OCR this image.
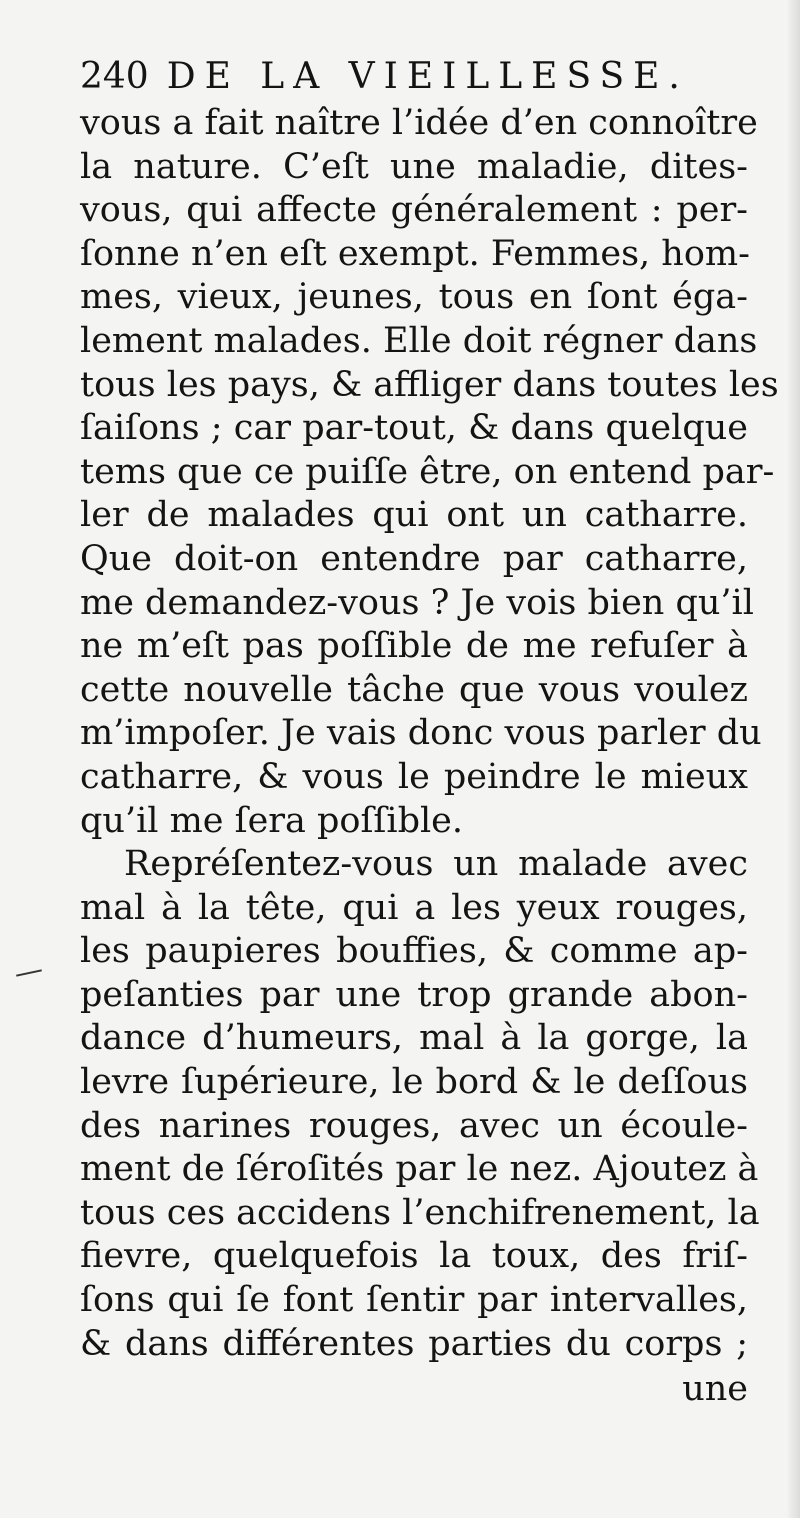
240 DE LA VIEILLESSE.
vous a fait naître l’idée d’en connoître
la nature. C’eſt une maladie, dites-
vous, qui affecte généralement : per-
ſonne n’en eſt exempt. Femmes, hom-
mes, vieux, jeunes, tous en ſont éga-
lement malades. Elle doit régner dans
tous les pays, & affliger dans toutes les
ſaiſons ; car par-tout, & dans quelque
tems que ce puiſſe être, on entend par-
ler de malades qui ont un catharre.
Que doit-on entendre par catharre,
me demandez-vous ? Je vois bien qu’il
ne m’eſt pas poſſible de me refuſer à
cette nouvelle tâche que vous voulez
m’impoſer. Je vais donc vous parler du
catharre, & vous le peindre le mieux
qu’il me ſera poſſible.
Repréſentez-vous un malade avec
mal à la tête, qui a les yeux rouges,
les paupieres bouffies, & comme ap-
peſanties par une trop grande abon-
dance d’humeurs, mal à la gorge, la
levre ſupérieure, le bord & le deſſous
des narines rouges, avec un écoule-
ment de ſéroſités par le nez. Ajoutez à
tous ces accidens l’enchifrenement, la
fievre, quelquefois la toux, des friſ-
ſons qui ſe font ſentir par intervalles,
& dans différentes parties du corps ;
une
